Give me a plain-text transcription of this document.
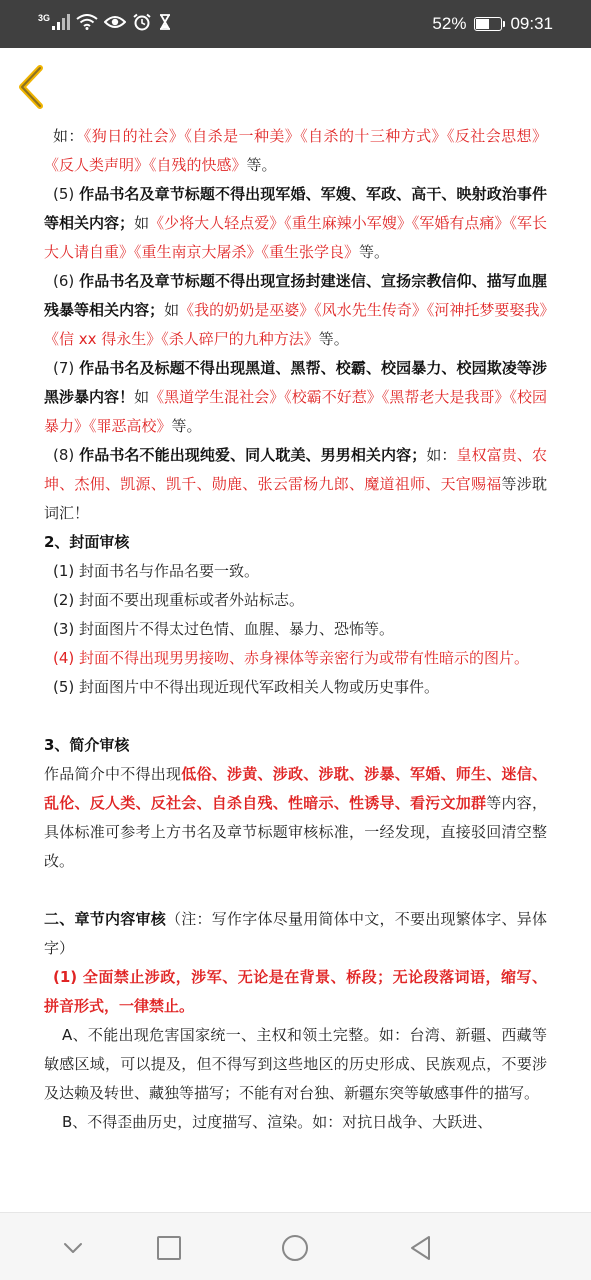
3G	52%	09:31

如：《狗日的社会》《自杀是一种美》《自杀的十三种方式》《反社会思想》《反人类声明》《自残的快感》等。

(5) 作品书名及章节标题不得出现军婚、军嫂、军政、高干、映射政治事件等相关内容；如《少将大人轻点爱》《重生麻辣小军嫂》《军婚有点痛》《军长大人请自重》《重生南京大屠杀》《重生张学良》等。

(6) 作品书名及章节标题不得出现宣扬封建迷信、宣扬宗教信仰、描写血腥残暴等相关内容；如《我的奶奶是巫婆》《风水先生传奇》《河神托梦要娶我》《信 xx 得永生》《杀人碎尸的九种方法》等。

(7) 作品书名及标题不得出现黑道、黑帮、校霸、校园暴力、校园欺凌等涉黑涉暴内容！如《黑道学生混社会》《校霸不好惹》《黑帮老大是我哥》《校园暴力》《罪恶高校》等。

(8) 作品书名不能出现纯爱、同人耽美、男男相关内容；如：皇权富贵、农坤、杰佣、凯源、凯千、勋鹿、张云雷杨九郎、魔道祖师、天官赐福等涉耽词汇！

2、封面审核

(1) 封面书名与作品名要一致。

(2) 封面不要出现重标或者外站标志。

(3) 封面图片不得太过色情、血腥、暴力、恐怖等。

(4) 封面不得出现男男接吻、赤身裸体等亲密行为或带有性暗示的图片。

(5) 封面图片中不得出现近现代军政相关人物或历史事件。

3、简介审核

作品简介中不得出现低俗、涉黄、涉政、涉耽、涉暴、军婚、师生、迷信、乱伦、反人类、反社会、自杀自残、性暗示、性诱导、看污文加群等内容，具体标准可参考上方书名及章节标题审核标准，一经发现，直接驳回清空整改。

二、章节内容审核（注：写作字体尽量用简体中文，不要出现繁体字、异体字）

(1) 全面禁止涉政，涉军、无论是在背景、桥段；无论段落词语，缩写、拼音形式，一律禁止。

A、不能出现危害国家统一、主权和领土完整。如：台湾、新疆、西藏等敏感区域，可以提及，但不得写到这些地区的历史形成、民族观点，不要涉及达赖及转世、藏独等描写；不能有对台独、新疆东突等敏感事件的描写。

B、不得歪曲历史，过度描写、渲染。如：对抗日战争、大跃进、
